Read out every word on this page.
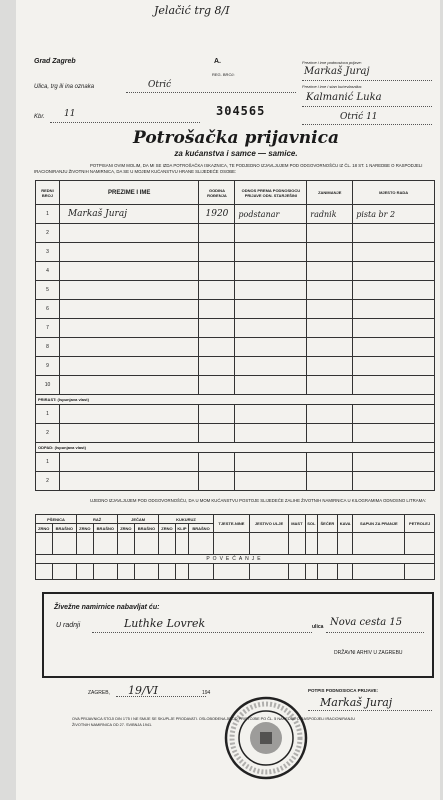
Jelačić trg 8/I
Grad Zagreb	A.
REG. BROJ:
Ulica, trg ili ina oznaka	Otrić
Kbr. 11	304565
Prezime i ime podnosioca prijave:
Markaš Juraj
Prezime i ime i stan kućevlasnika:
Kalmanić Luka
Otrić 11
Potrošačka prijavnica
za kućanstva i samce — samice.
POTPISANI OVIM MOLIM, DA MI SE IZDA POTROŠAČKA ISKAZNICA, TE PODJEDNO IZJAVLJUJEM POD ODGOVORNOŠĆU IZ ČL. 18 ST. 1 NAREDBE O RASPODJELI IRACIONIRANJU ŽIVOTNIH NAMIRNICA, DA SE U MOJEM KUĆANSTVU HRANE SLIJEDEĆE OSOBE:
REDNI BROJ	PREZIME I IME	GODINA ROĐENJA	ODNOS PREMA PODNOSIOCU PRIJAVE ODN. STARJEŠINI	ZANIMANJE	MJESTO RADA
1	Markaš Juraj	1920	podstanar	radnik	pista br 2
2					
3					
4					
5					
6					
7					
8					
9					
10					
PRIRAST: (Ispunjava vlast)					
1					
2					
ODPAD: (Ispunjava vlast)					
1					
2					
UJEDNO IZJAVLJUJEM POD ODGOVORNOŠĆU, DA U MOM KUĆANSTVU POSTOJE SLIJEDEĆE ZALIHE ŽIVOTNIH NAMIRNICA U KILOGRAMIMA ODNOSNO LITRAMA:
PŠENICA		RAŽ		JEČAM		KUKURUZ			TJESTE-NINE	JESTIVO ULJE	MAST	SOL	ŠEĆER	KAVA	SAPUN ZA PRANJE	PETROLEJ
ZRNO	BRAŠNO	ZRNO	BRAŠNO	ZRNO	BRAŠNO	ZRNO	KLIP	BRAŠNO								

POVEĆANJE																

Živežne namirnice nabavljat ću:
U radnji	Luthke Lovrek	ulica Nova cesta 15
DRŽAVNI ARHIV U ZAGREBU
ZAGREB, 19/VI	194	POTPIS PODNOSIOCA PRIJAVE:
Markaš Juraj
OVA PRIJAVNICA STOJI DIN 1'75 I NE SMIJE SE SKUPLJE PRODAVATI. OSLOBOĐENA JE OD PRISTOJBE PO ČL. 5 NAREDBE O RASPODJELI IRACIONIRANJU ŽIVOTNIH NAMIRNICA OD 27. SVIBNJA 1941.
